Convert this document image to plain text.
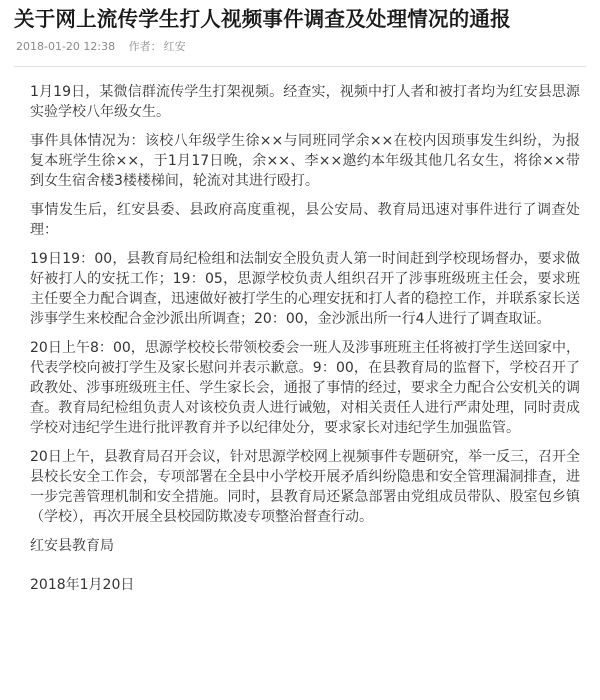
关于网上流传学生打人视频事件调查及处理情况的通报
2018-01-20 12:38 作者： 红安

1月19日，某微信群流传学生打架视频。经查实，视频中打人者和被打者均为红安县思源实验学校八年级女生。

事件具体情况为：该校八年级学生徐××与同班同学余××在校内因琐事发生纠纷，为报复本班学生徐××，于1月17日晚，余××、李××邀约本年级其他几名女生，将徐××带到女生宿舍楼3楼楼梯间，轮流对其进行殴打。

事情发生后，红安县委、县政府高度重视，县公安局、教育局迅速对事件进行了调查处理：

19日19：00，县教育局纪检组和法制安全股负责人第一时间赶到学校现场督办，要求做好被打人的安抚工作；19：05，思源学校负责人组织召开了涉事班级班主任会，要求班主任要全力配合调查，迅速做好被打学生的心理安抚和打人者的稳控工作，并联系家长送涉事学生来校配合金沙派出所调查；20：00，金沙派出所一行4人进行了调查取证。

20日上午8：00，思源学校校长带领校委会一班人及涉事班班主任将被打学生送回家中，代表学校向被打学生及家长慰问并表示歉意。9：00，在县教育局的监督下，学校召开了政教处、涉事班级班主任、学生家长会，通报了事情的经过，要求全力配合公安机关的调查。教育局纪检组负责人对该校负责人进行诫勉，对相关责任人进行严肃处理，同时责成学校对违纪学生进行批评教育并予以纪律处分，要求家长对违纪学生加强监管。

20日上午，县教育局召开会议，针对思源学校网上视频事件专题研究，举一反三，召开全县校长安全工作会，专项部署在全县中小学校开展矛盾纠纷隐患和安全管理漏洞排查，进一步完善管理机制和安全措施。同时，县教育局还紧急部署由党组成员带队、股室包乡镇（学校），再次开展全县校园防欺凌专项整治督查行动。

红安县教育局

2018年1月20日
